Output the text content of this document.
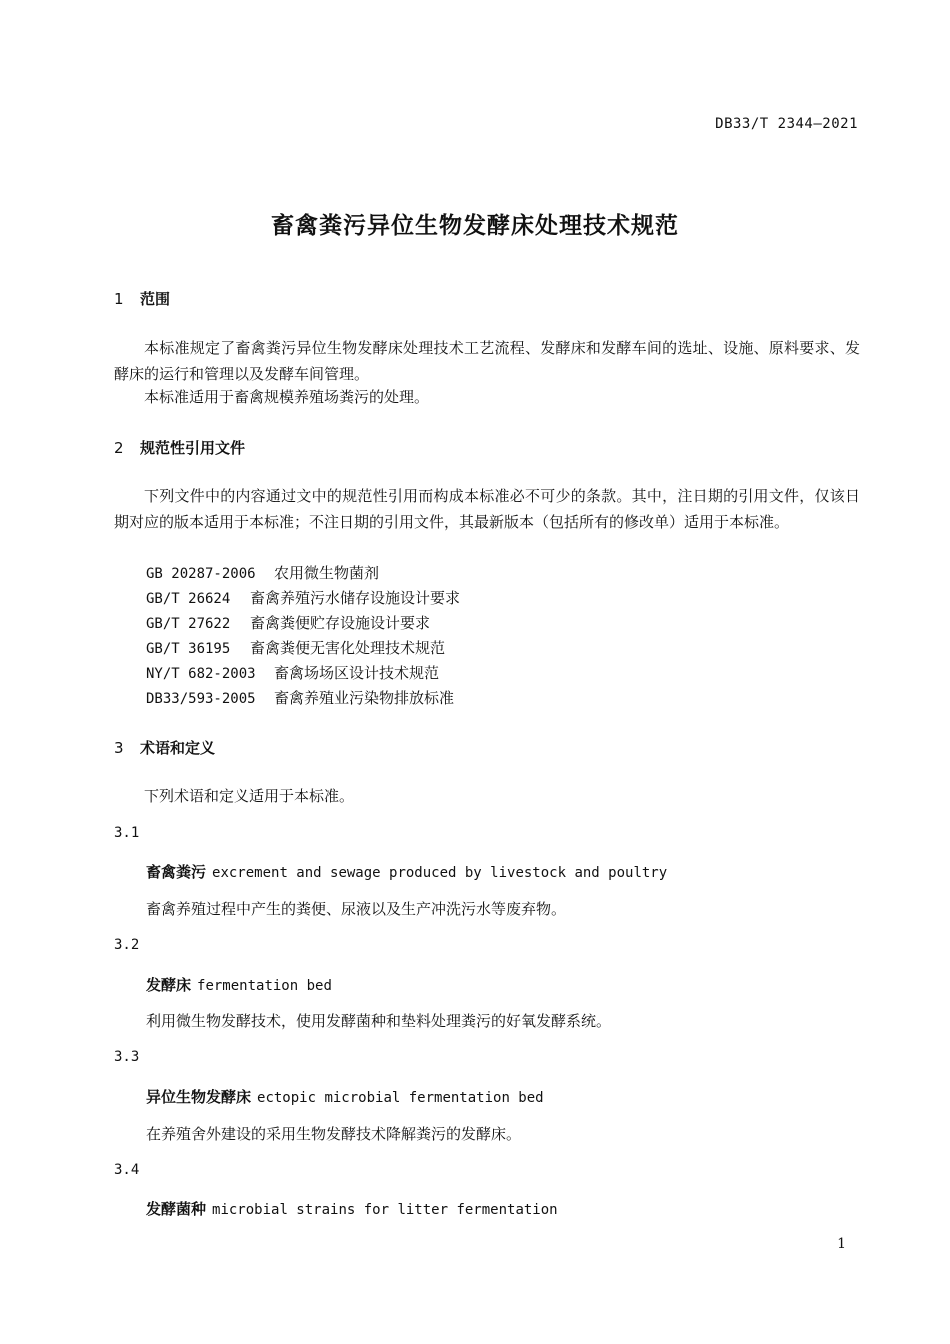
DB33/T 2344—2021
畜禽粪污异位生物发酵床处理技术规范
1 范围

本标准规定了畜禽粪污异位生物发酵床处理技术工艺流程、发酵床和发酵车间的选址、设施、原料要求、发酵床的运行和管理以及发酵车间管理。

本标准适用于畜禽规模养殖场粪污的处理。

2 规范性引用文件

下列文件中的内容通过文中的规范性引用而构成本标准必不可少的条款。其中，注日期的引用文件，仅该日期对应的版本适用于本标准；不注日期的引用文件，其最新版本（包括所有的修改单）适用于本标准。

GB 20287-2006 农用微生物菌剂
GB/T 26624 畜禽养殖污水储存设施设计要求
GB/T 27622 畜禽粪便贮存设施设计要求
GB/T 36195 畜禽粪便无害化处理技术规范
NY/T 682-2003 畜禽场场区设计技术规范
DB33/593-2005 畜禽养殖业污染物排放标准
3 术语和定义

下列术语和定义适用于本标准。

3.1
畜禽粪污 excrement and sewage produced by livestock and poultry
畜禽养殖过程中产生的粪便、尿液以及生产冲洗污水等废弃物。
3.2
发酵床 fermentation bed
利用微生物发酵技术，使用发酵菌种和垫料处理粪污的好氧发酵系统。
3.3
异位生物发酵床 ectopic microbial fermentation bed
在养殖舍外建设的采用生物发酵技术降解粪污的发酵床。
3.4
发酵菌种 microbial strains for litter fermentation
1
